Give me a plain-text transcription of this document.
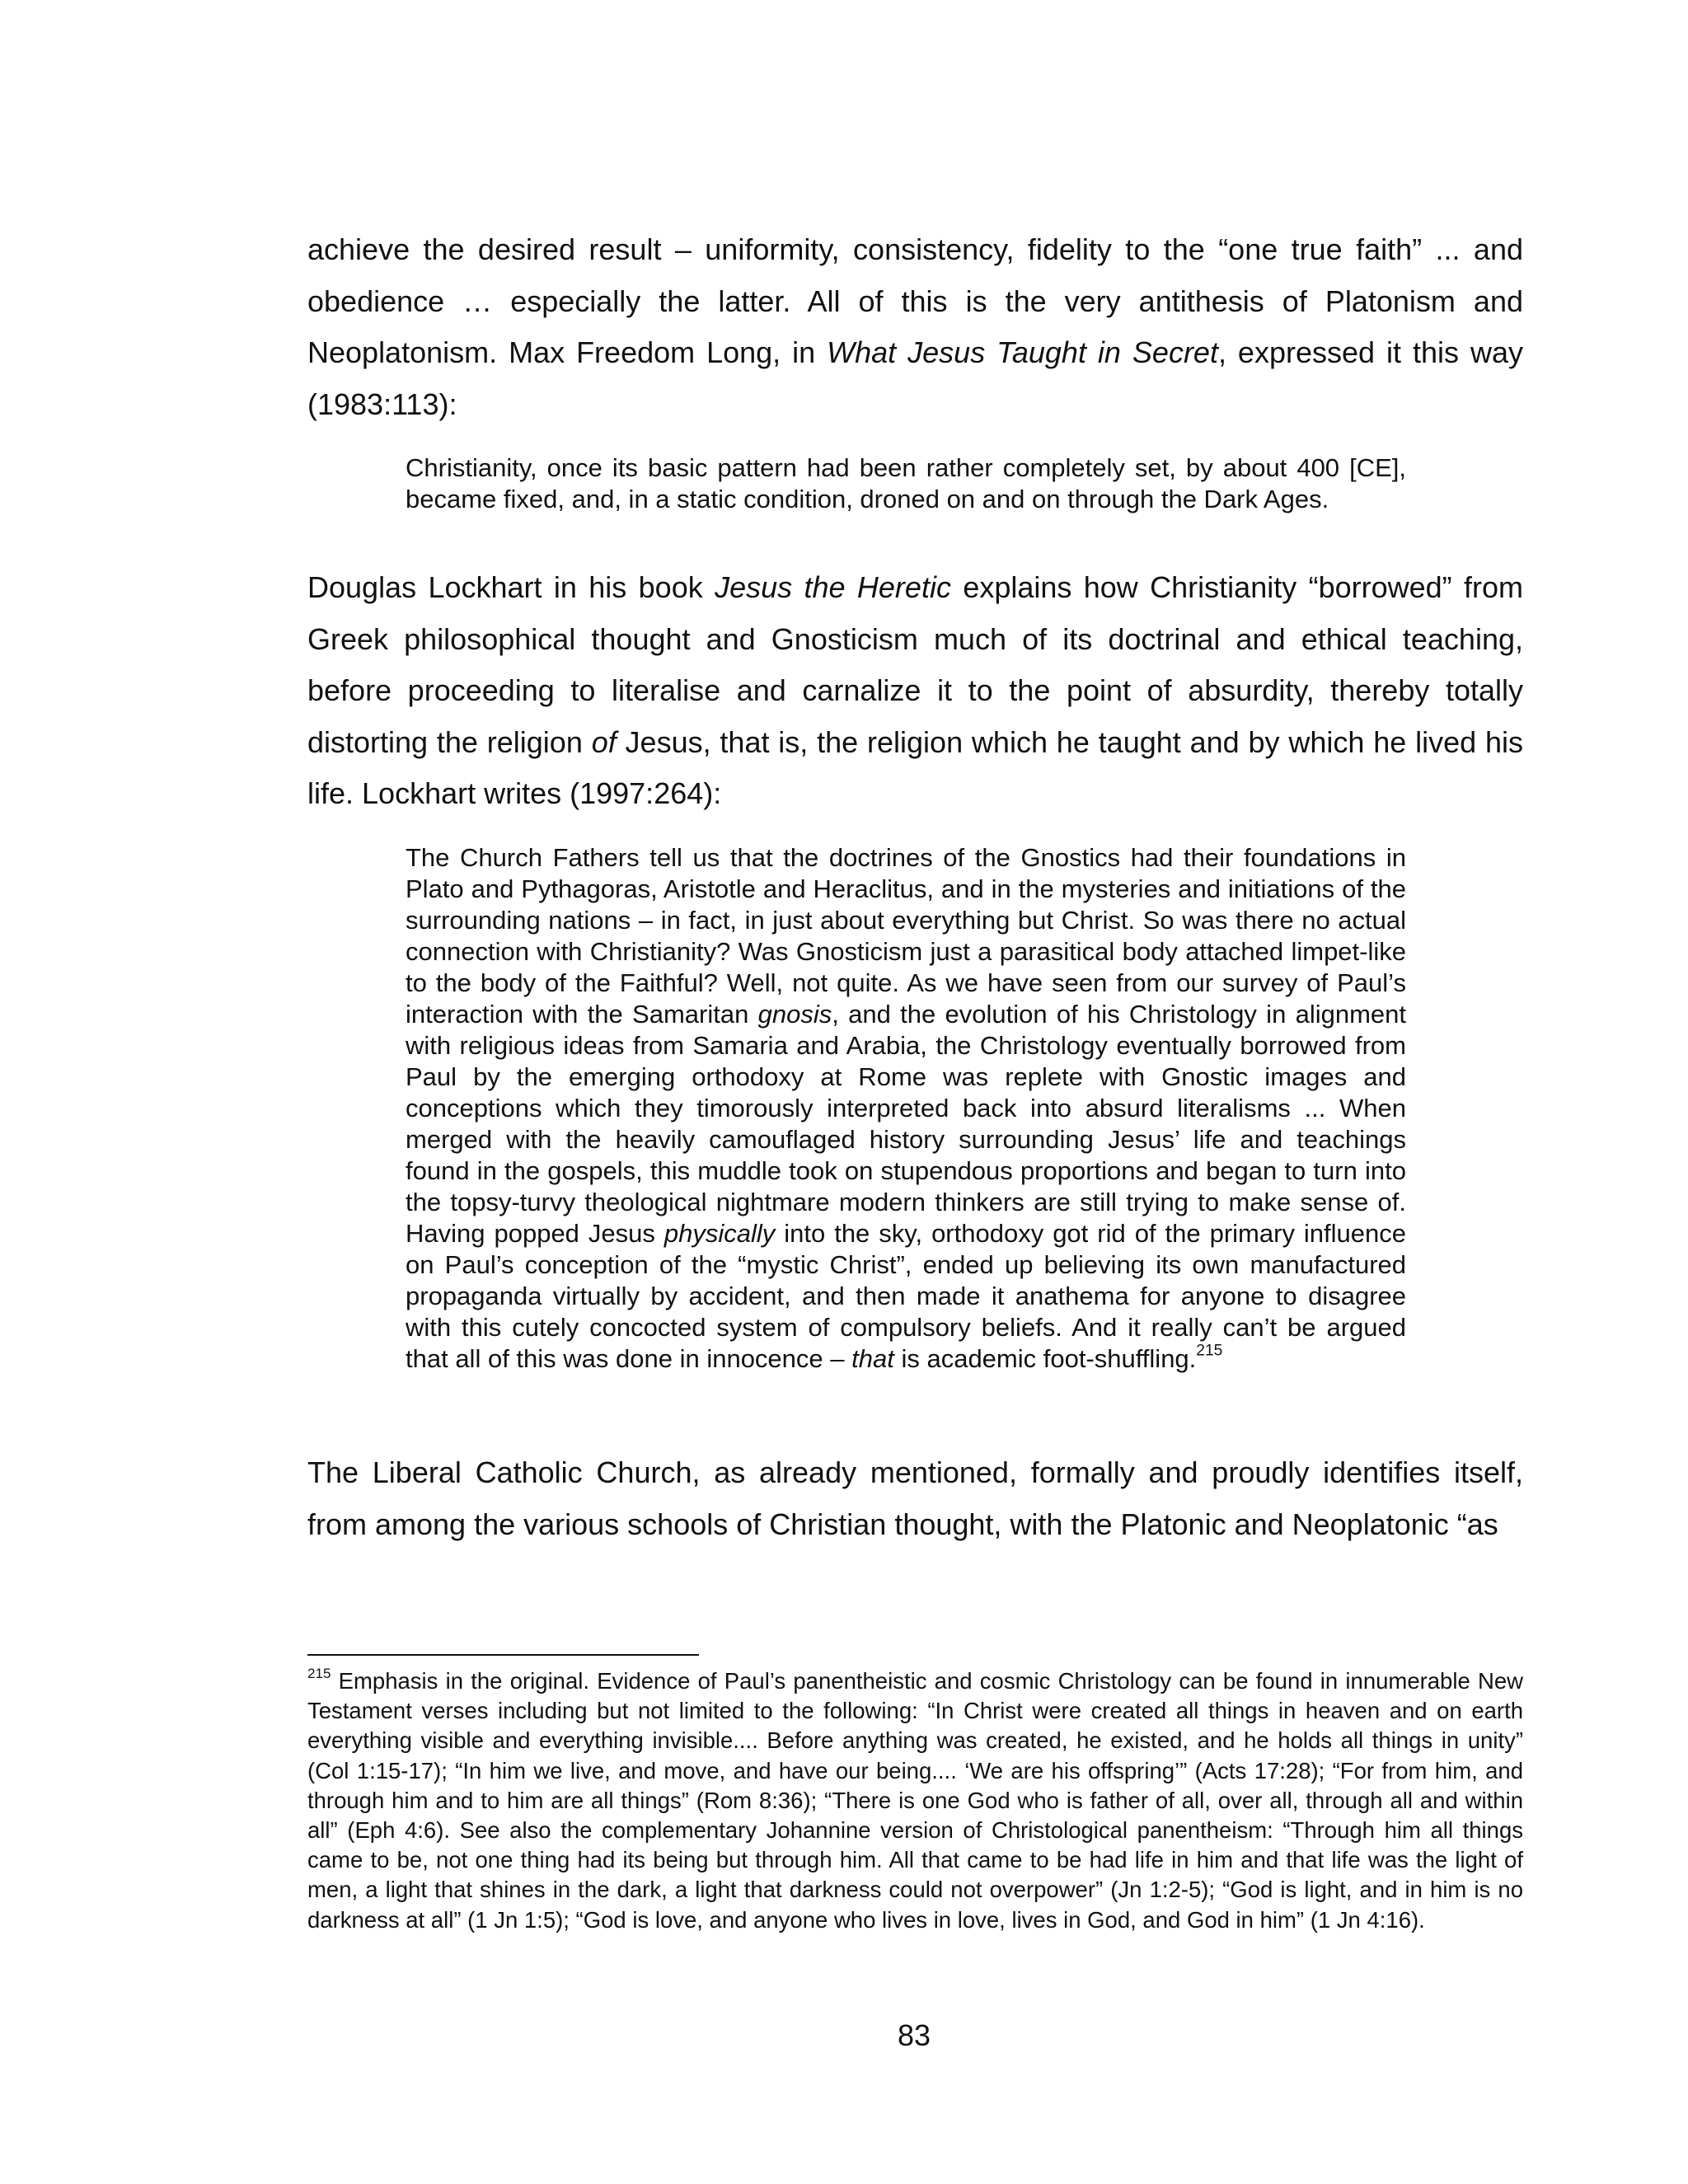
achieve the desired result – uniformity, consistency, fidelity to the “one true faith” ... and obedience … especially the latter. All of this is the very antithesis of Platonism and Neoplatonism. Max Freedom Long, in What Jesus Taught in Secret, expressed it this way (1983:113):

Christianity, once its basic pattern had been rather completely set, by about 400 [CE], became fixed, and, in a static condition, droned on and on through the Dark Ages.

Douglas Lockhart in his book Jesus the Heretic explains how Christianity “borrowed” from Greek philosophical thought and Gnosticism much of its doctrinal and ethical teaching, before proceeding to literalise and carnalize it to the point of absurdity, thereby totally distorting the religion of Jesus, that is, the religion which he taught and by which he lived his life. Lockhart writes (1997:264):

The Church Fathers tell us that the doctrines of the Gnostics had their foundations in Plato and Pythagoras, Aristotle and Heraclitus, and in the mysteries and initiations of the surrounding nations – in fact, in just about everything but Christ. So was there no actual connection with Christianity? Was Gnosticism just a parasitical body attached limpet-like to the body of the Faithful? Well, not quite. As we have seen from our survey of Paul’s interaction with the Samaritan gnosis, and the evolution of his Christology in alignment with religious ideas from Samaria and Arabia, the Christology eventually borrowed from Paul by the emerging orthodoxy at Rome was replete with Gnostic images and conceptions which they timorously interpreted back into absurd literalisms ... When merged with the heavily camouflaged history surrounding Jesus’ life and teachings found in the gospels, this muddle took on stupendous proportions and began to turn into the topsy-turvy theological nightmare modern thinkers are still trying to make sense of. Having popped Jesus physically into the sky, orthodoxy got rid of the primary influence on Paul’s conception of the “mystic Christ”, ended up believing its own manufactured propaganda virtually by accident, and then made it anathema for anyone to disagree with this cutely concocted system of compulsory beliefs. And it really can’t be argued that all of this was done in innocence – that is academic foot-shuffling.$^{215}$

The Liberal Catholic Church, as already mentioned, formally and proudly identifies itself, from among the various schools of Christian thought, with the Platonic and Neoplatonic “as

$^{215}$ Emphasis in the original. Evidence of Paul’s panentheistic and cosmic Christology can be found in innumerable New Testament verses including but not limited to the following: “In Christ were created all things in heaven and on earth everything visible and everything invisible.... Before anything was created, he existed, and he holds all things in unity” (Col 1:15-17); “In him we live, and move, and have our being.... ‘We are his offspring’” (Acts 17:28); “For from him, and through him and to him are all things” (Rom 8:36); “There is one God who is father of all, over all, through all and within all” (Eph 4:6). See also the complementary Johannine version of Christological panentheism: “Through him all things came to be, not one thing had its being but through him. All that came to be had life in him and that life was the light of men, a light that shines in the dark, a light that darkness could not overpower” (Jn 1:2-5); “God is light, and in him is no darkness at all” (1 Jn 1:5); “God is love, and anyone who lives in love, lives in God, and God in him” (1 Jn 4:16).

83
